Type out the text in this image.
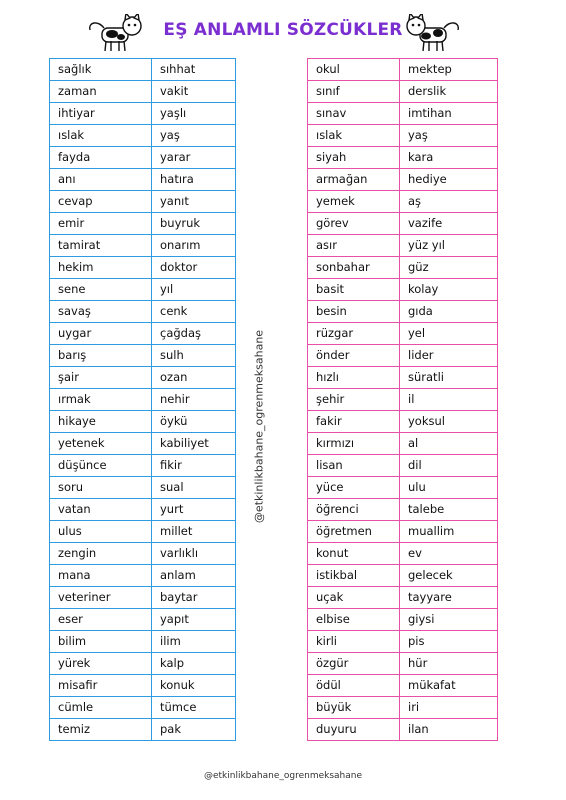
EŞ ANLAMLI SÖZCÜKLER
sağlık	sıhhat
zaman	vakit
ihtiyar	yaşlı
ıslak	yaş
fayda	yarar
anı	hatıra
cevap	yanıt
emir	buyruk
tamirat	onarım
hekim	doktor
sene	yıl
savaş	cenk
uygar	çağdaş
barış	sulh
şair	ozan
ırmak	nehir
hikaye	öykü
yetenek	kabiliyet
düşünce	fikir
soru	sual
vatan	yurt
ulus	millet
zengin	varlıklı
mana	anlam
veteriner	baytar
eser	yapıt
bilim	ilim
yürek	kalp
misafir	konuk
cümle	tümce
temiz	pak
@etkinlikbahane_ogrenmeksahane
okul	mektep
sınıf	derslik
sınav	imtihan
ıslak	yaş
siyah	kara
armağan	hediye
yemek	aş
görev	vazife
asır	yüz yıl
sonbahar	güz
basit	kolay
besin	gıda
rüzgar	yel
önder	lider
hızlı	süratli
şehir	il
fakir	yoksul
kırmızı	al
lisan	dil
yüce	ulu
öğrenci	talebe
öğretmen	muallim
konut	ev
istikbal	gelecek
uçak	tayyare
elbise	giysi
kirli	pis
özgür	hür
ödül	mükafat
büyük	iri
duyuru	ilan
@etkinlikbahane_ogrenmeksahane
